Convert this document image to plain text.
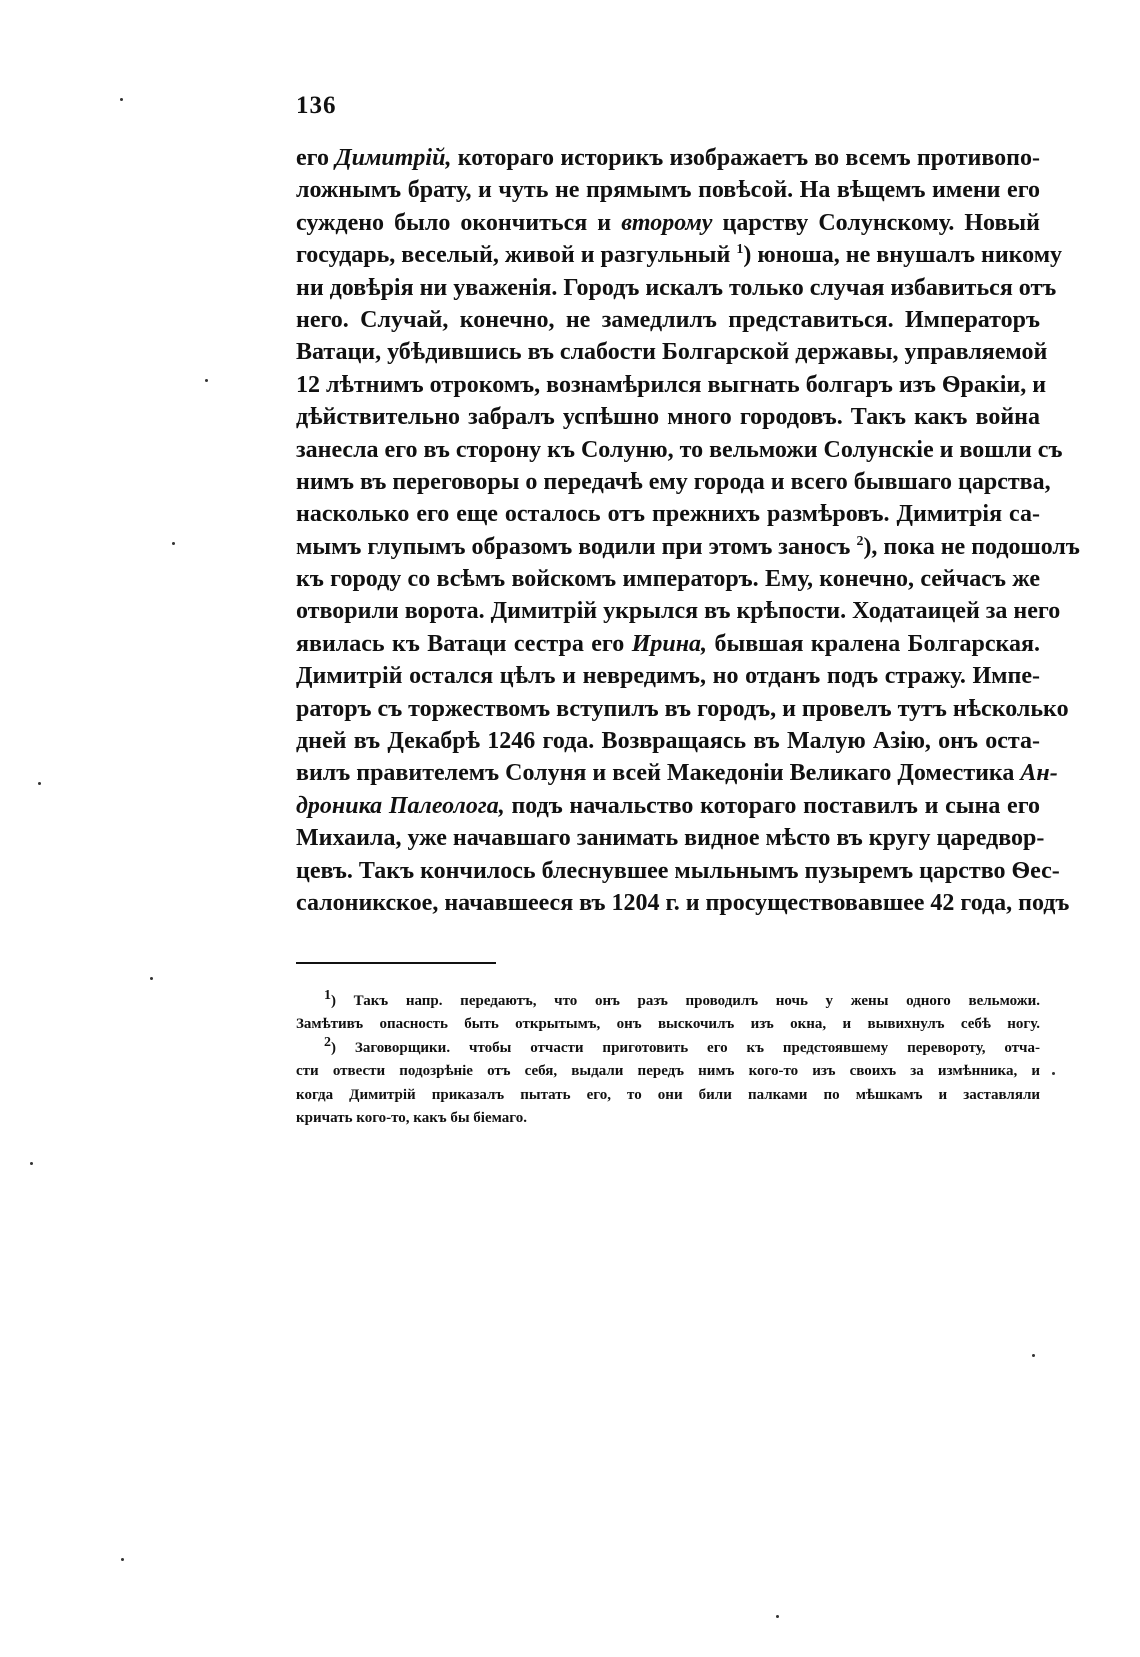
136
его Димитрій, котораго историкъ изображаетъ во всемъ противопо-
ложнымъ брату, и чуть не прямымъ повѣсой. На вѣщемъ имени его
суждено было окончиться и второму царству Солунскому. Новый
государь, веселый, живой и разгульный $^1$) юноша, не внушалъ никому
ни довѣрія ни уваженія. Городъ искалъ только случая избавиться отъ
него. Случай, конечно, не замедлилъ представиться. Императоръ
Ватаци, убѣдившись въ слабости Болгарской державы, управляемой
12 лѣтнимъ отрокомъ, вознамѣрился выгнать болгаръ изъ Ѳракіи, и
дѣйствительно забралъ успѣшно много городовъ. Такъ какъ война
занесла его въ сторону къ Солуню, то вельможи Солунскіе и вошли съ
нимъ въ переговоры о передачѣ ему города и всего бывшаго царства,
насколько его еще осталось отъ прежнихъ размѣровъ. Димитрія са-
мымъ глупымъ образомъ водили при этомъ заносъ $^2$), пока не подошолъ
къ городу со всѣмъ войскомъ императоръ. Ему, конечно, сейчасъ же
отворили ворота. Димитрій укрылся въ крѣпости. Ходатаицей за него
явилась къ Ватаци сестра его Ирина, бывшая кралена Болгарская.
Димитрій остался цѣлъ и невредимъ, но отданъ подъ стражу. Импе-
раторъ съ торжествомъ вступилъ въ городъ, и провелъ тутъ нѣсколько
дней въ Декабрѣ 1246 года. Возвращаясь въ Малую Азію, онъ оста-
вилъ правителемъ Солуня и всей Македоніи Великаго Доместика Ан-
дроника Палеолога, подъ начальство котораго поставилъ и сына его
Михаила, уже начавшаго занимать видное мѣсто въ кругу царедвор-
цевъ. Такъ кончилось блеснувшее мыльнымъ пузыремъ царство Ѳес-
салоникское, начавшееся въ 1204 г. и просуществовавшее 42 года, подъ
1) Такъ напр. передаютъ, что онъ разъ проводилъ ночь у жены одного вельможи.
Замѣтивъ опасность быть открытымъ, онъ выскочилъ изъ окна, и вывихнулъ себѣ ногу.
2) Заговорщики. чтобы отчасти приготовить его къ предстоявшему перевороту, отча-
сти отвести подозрѣніе отъ себя, выдали передъ нимъ кого-то изъ своихъ за измѣнника, и
когда Димитрій приказалъ пытать его, то они били палками по мѣшкамъ и заставляли
кричать кого-то, какъ бы біемаго.
